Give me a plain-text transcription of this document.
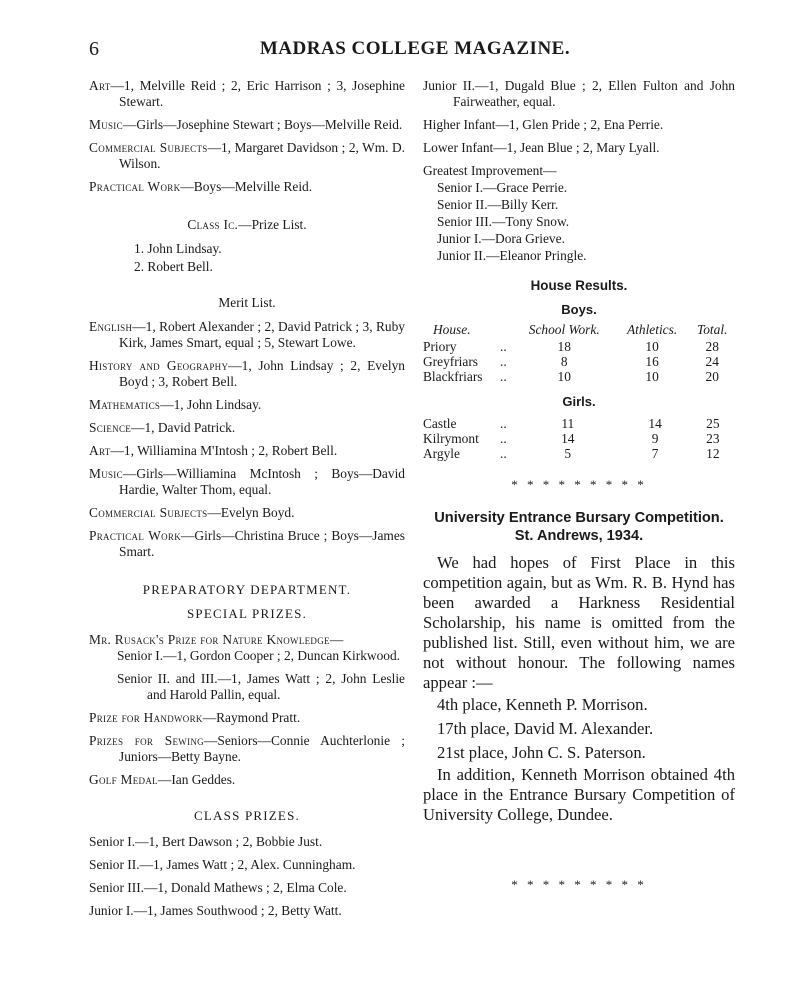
6	MADRAS COLLEGE MAGAZINE.

Art—1, Melville Reid ; 2, Eric Harrison ; 3, Josephine Stewart.

Music—Girls—Josephine Stewart ; Boys—Melville Reid.

Commercial Subjects—1, Margaret Davidson ; 2, Wm. D. Wilson.

Practical Work—Boys—Melville Reid.

Class Ic.—Prize List.

1. John Lindsay.

2. Robert Bell.

Merit List.

English—1, Robert Alexander ; 2, David Patrick ; 3, Ruby Kirk, James Smart, equal ; 5, Stewart Lowe.

History and Geography—1, John Lindsay ; 2, Evelyn Boyd ; 3, Robert Bell.

Mathematics—1, John Lindsay.

Science—1, David Patrick.

Art—1, Williamina M'Intosh ; 2, Robert Bell.

Music—Girls—Williamina McIntosh ; Boys—David Hardie, Walter Thom, equal.

Commercial Subjects—Evelyn Boyd.

Practical Work—Girls—Christina Bruce ; Boys—James Smart.

PREPARATORY DEPARTMENT.

SPECIAL PRIZES.

Mr. Rusack's Prize for Nature Knowledge—

Senior I.—1, Gordon Cooper ; 2, Duncan Kirkwood.

Senior II. and III.—1, James Watt ; 2, John Leslie and Harold Pallin, equal.

Prize for Handwork—Raymond Pratt.

Prizes for Sewing—Seniors—Connie Auchterlonie ; Juniors—Betty Bayne.

Golf Medal—Ian Geddes.

CLASS PRIZES.

Senior I.—1, Bert Dawson ; 2, Bobbie Just.

Senior II.—1, James Watt ; 2, Alex. Cunningham.

Senior III.—1, Donald Mathews ; 2, Elma Cole.

Junior I.—1, James Southwood ; 2, Betty Watt.

Junior II.—1, Dugald Blue ; 2, Ellen Fulton and John Fairweather, equal.

Higher Infant—1, Glen Pride ; 2, Ena Perrie.

Lower Infant—1, Jean Blue ; 2, Mary Lyall.

Greatest Improvement—

Senior I.—Grace Perrie.

Senior II.—Billy Kerr.

Senior III.—Tony Snow.

Junior I.—Dora Grieve.

Junior II.—Eleanor Pringle.

House Results.

Boys.

House.	School Work.	Athletics.	Total.
Priory ..	18	10	28
Greyfriars ..	8	16	24
Blackfriars ..	10	10	20

Girls.

Castle ..	11	14	25
Kilrymont ..	14	9	23
Argyle ..	5	7	12

* * * * * * * * *

University Entrance Bursary Competition.

St. Andrews, 1934.

We had hopes of First Place in this competition again, but as Wm. R. B. Hynd has been awarded a Harkness Residential Scholarship, his name is omitted from the published list. Still, even without him, we are not without honour. The following names appear :—

4th place, Kenneth P. Morrison.

17th place, David M. Alexander.

21st place, John C. S. Paterson.

In addition, Kenneth Morrison obtained 4th place in the Entrance Bursary Competition of University College, Dundee.

* * * * * * * * *
